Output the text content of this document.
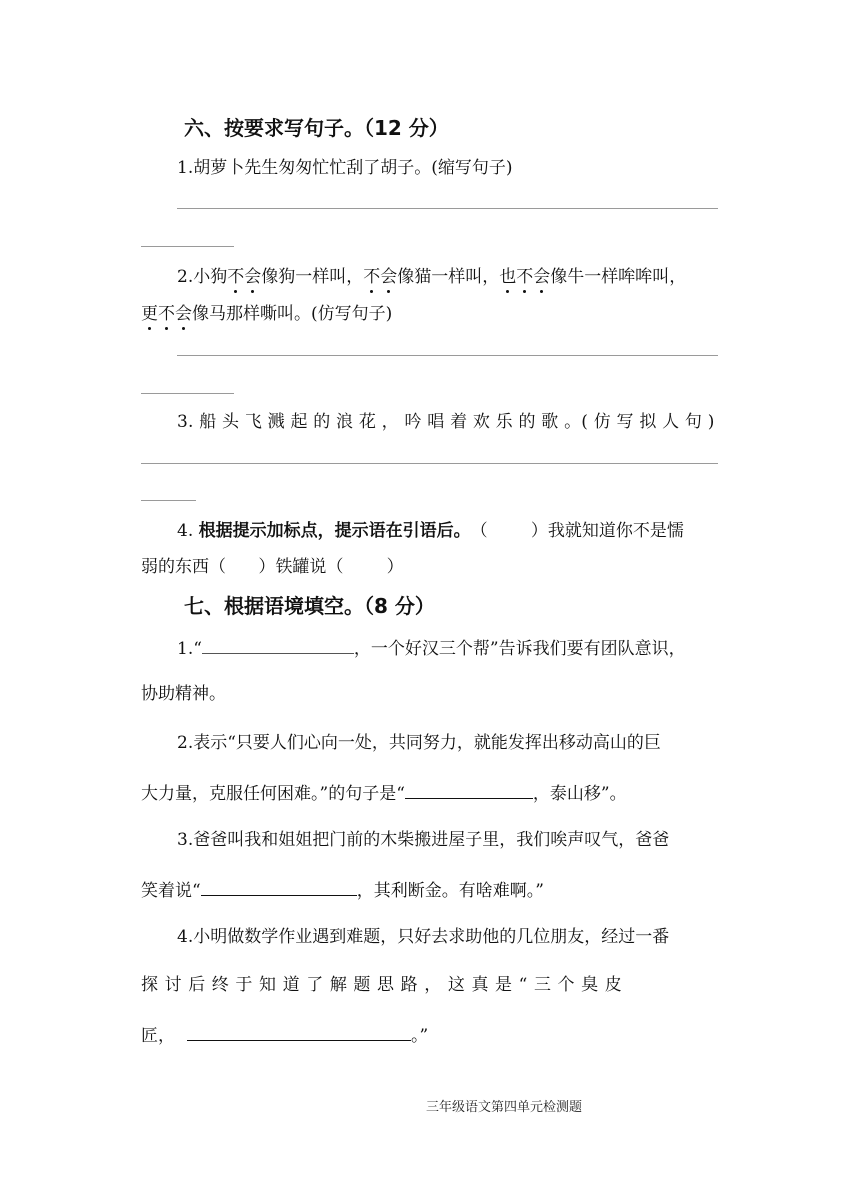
六、按要求写句子。（12 分）
1.胡萝卜先生匆匆忙忙刮了胡子。(缩写句子)
2.小狗不会像狗一样叫，不会像猫一样叫，也不会像牛一样哞哞叫，
更不会像马那样嘶叫。(仿写句子)
3. 船 头 飞 溅 起 的 浪 花 ， 吟 唱 着 欢 乐 的 歌 。( 仿 写 拟 人 句 )
4. 根据提示加标点，提示语在引语后。（        ）我就知道你不是懦
弱的东西（      ）铁罐说（        ）
七、根据语境填空。（8 分）
1.“	，一个好汉三个帮”告诉我们要有团队意识，
协助精神。
2.表示“只要人们心向一处，共同努力，就能发挥出移动高山的巨
大力量，克服任何困难。”的句子是“	，泰山移”。
3.爸爸叫我和姐姐把门前的木柴搬进屋子里，我们唉声叹气，爸爸
笑着说“	，其利断金。有啥难啊。”
4.小明做数学作业遇到难题，只好去求助他的几位朋友，经过一番
探 讨 后 终 于 知 道 了 解 题 思 路 ， 这 真 是 “ 三 个 臭 皮
匠，	。”
三年级语文第四单元检测题
